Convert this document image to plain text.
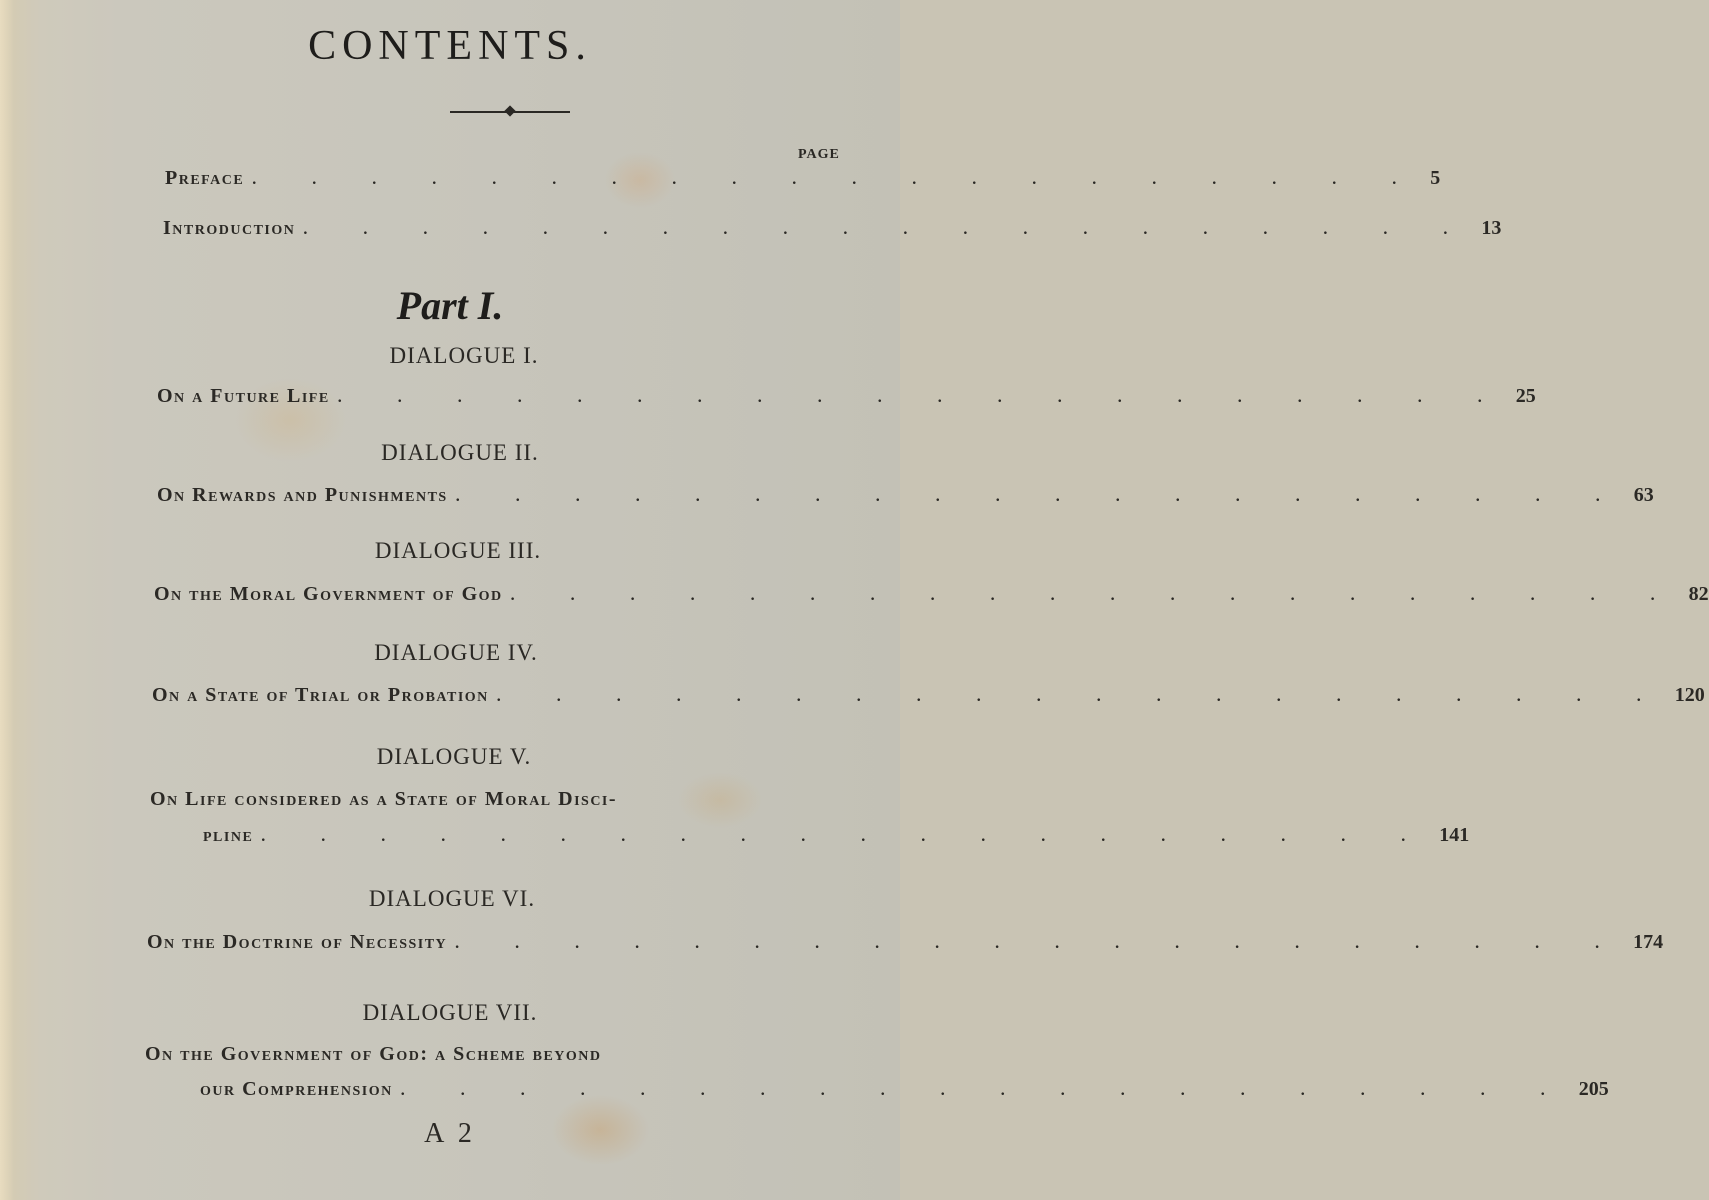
CONTENTS.
PAGE
Preface . . . . . . . . . . . . . . . . . . . . 5
Introduction . . . . . . . . . . . . . . . . . . . . 13
Part I.
DIALOGUE I.
On a Future Life . . . . . . . . . . . . . . . . . . . . 25
DIALOGUE II.
On Rewards and Punishments . . . . . . . . . . . . . . . . . . . . 63
DIALOGUE III.
On the Moral Government of God . . . . . . . . . . . . . . . . . . . . 82
DIALOGUE IV.
On a State of Trial or Probation . . . . . . . . . . . . . . . . . . . . 120
DIALOGUE V.
On Life considered as a State of Moral Disci-
pline . . . . . . . . . . . . . . . . . . . . 141
DIALOGUE VI.
On the Doctrine of Necessity . . . . . . . . . . . . . . . . . . . . 174
DIALOGUE VII.
On the Government of God: a Scheme beyond
our Comprehension . . . . . . . . . . . . . . . . . . . . 205
A 2
